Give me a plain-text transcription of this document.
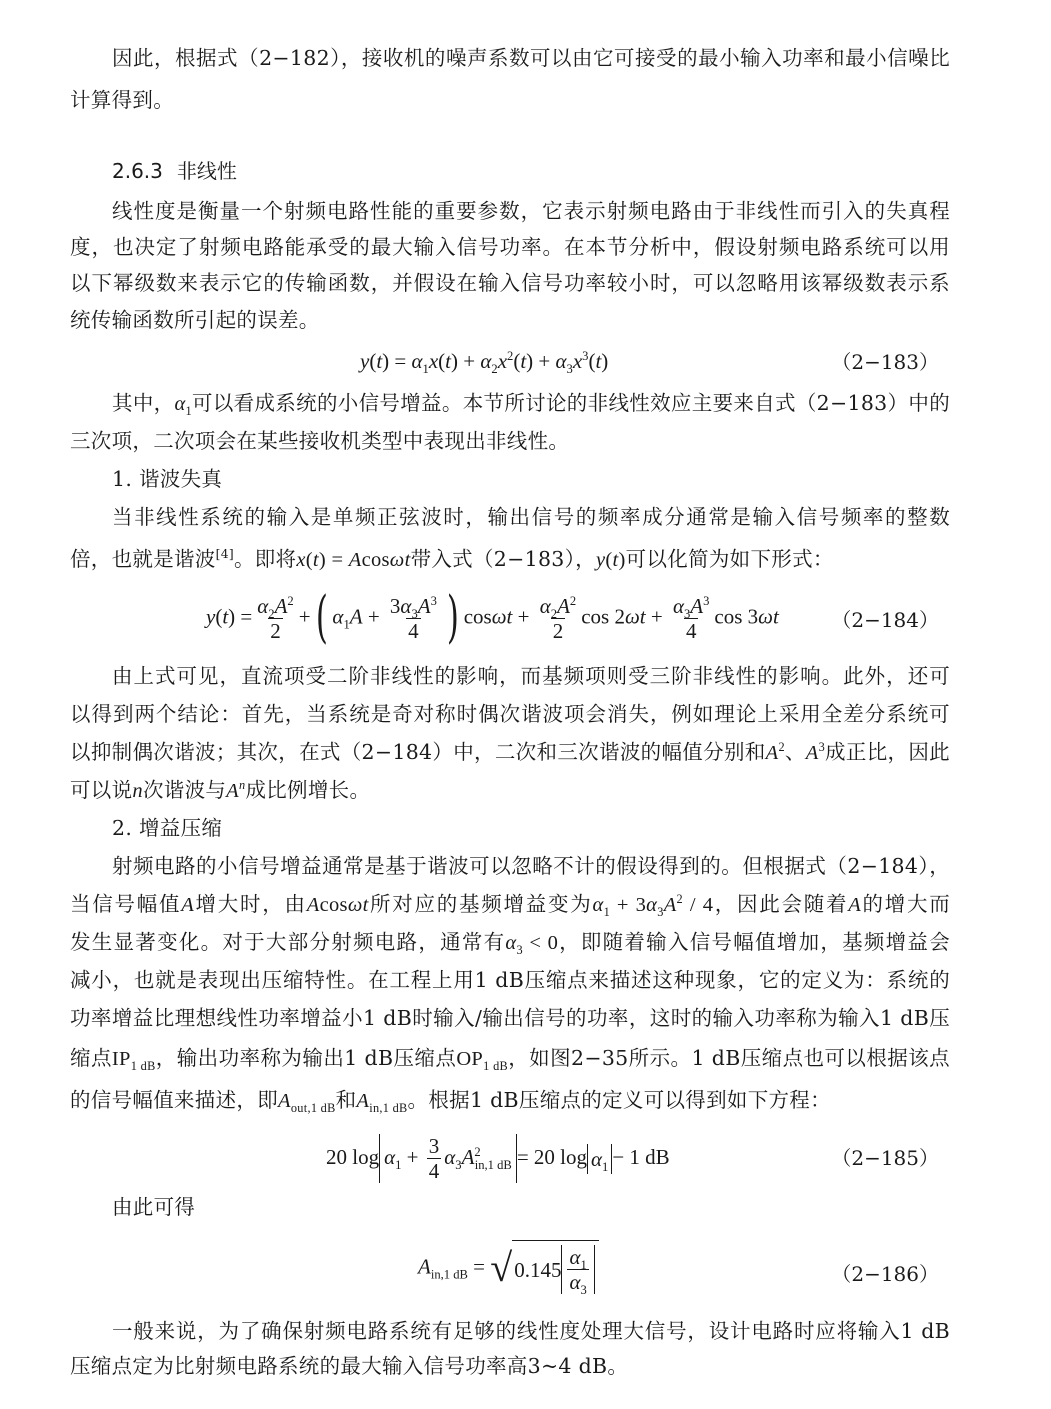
因此，根据式（2−182），接收机的噪声系数可以由它可接受的最小输入功率和最小信噪比
计算得到。
2.6.3 非线性
线性度是衡量一个射频电路性能的重要参数，它表示射频电路由于非线性而引入的失真程
度，也决定了射频电路能承受的最大输入信号功率。在本节分析中，假设射频电路系统可以用
以下幂级数来表示它的传输函数，并假设在输入信号功率较小时，可以忽略用该幂级数表示系
统传输函数所引起的误差。
$y(t) = \alpha_1x(t) + \alpha_2x^2(t) + \alpha_3x^3(t)$	（2−183）
其中，$\alpha_1$可以看成系统的小信号增益。本节所讨论的非线性效应主要来自式（2−183）中的
三次项，二次项会在某些接收机类型中表现出非线性。
1. 谐波失真
当非线性系统的输入是单频正弦波时，输出信号的频率成分通常是输入信号频率的整数
倍，也就是谐波[4]。即将x(t) = Acosωt带入式（2−183），y(t)可以化简为如下形式：
$y(t) = \frac{\alpha_2A^2}{2}$ +( $\alpha_1A + \frac{3\alpha_3A^3}{4}$ ) $\cos\omega t + \frac{\alpha_2A^2}{2}$ $\cos 2\omega t + \frac{\alpha_3A^3}{4}$ cos 3ωt	（2−184）
由上式可见，直流项受二阶非线性的影响，而基频项则受三阶非线性的影响。此外，还可
以得到两个结论：首先，当系统是奇对称时偶次谐波项会消失，例如理论上采用全差分系统可
以抑制偶次谐波；其次，在式（2−184）中，二次和三次谐波的幅值分别和$A^2$、$A^3$成正比，因此
可以说n次谐波与$A^n$成比例增长。
2. 增益压缩
射频电路的小信号增益通常是基于谐波可以忽略不计的假设得到的。但根据式（2−184），
当信号幅值A增大时，由Acosωt所对应的基频增益变为$\alpha_1 + 3\alpha_3A^2 / 4$，因此会随着A的增大而
发生显著变化。对于大部分射频电路，通常有$\alpha_3 < 0$，即随着输入信号幅值增加，基频增益会
减小，也就是表现出压缩特性。在工程上用1 dB压缩点来描述这种现象，它的定义为：系统的
功率增益比理想线性功率增益小1 dB时输入/输出信号的功率，这时的输入功率称为输入1 dB压
缩点$IP_{1 dB}$，输出功率称为输出1 dB压缩点$OP_{1 dB}$，如图2−35所示。1 dB压缩点也可以根据该点
的信号幅值来描述，即$A_{out,1 dB}$和$A_{in,1 dB}$。根据1 dB压缩点的定义可以得到如下方程：
20 $\log \alpha_1 + \frac{3}{4} \alpha_3A^2_{in,1 dB} = 20$ $\log \alpha_1 - 1$ dB	（2−185）
由此可得
$A_{in,1 dB}$ = √ $0.145 \frac{\alpha_1}{\alpha_3}$	（2−186）
一般来说，为了确保射频电路系统有足够的线性度处理大信号，设计电路时应将输入1 dB
压缩点定为比射频电路系统的最大输入信号功率高3~4 dB。
